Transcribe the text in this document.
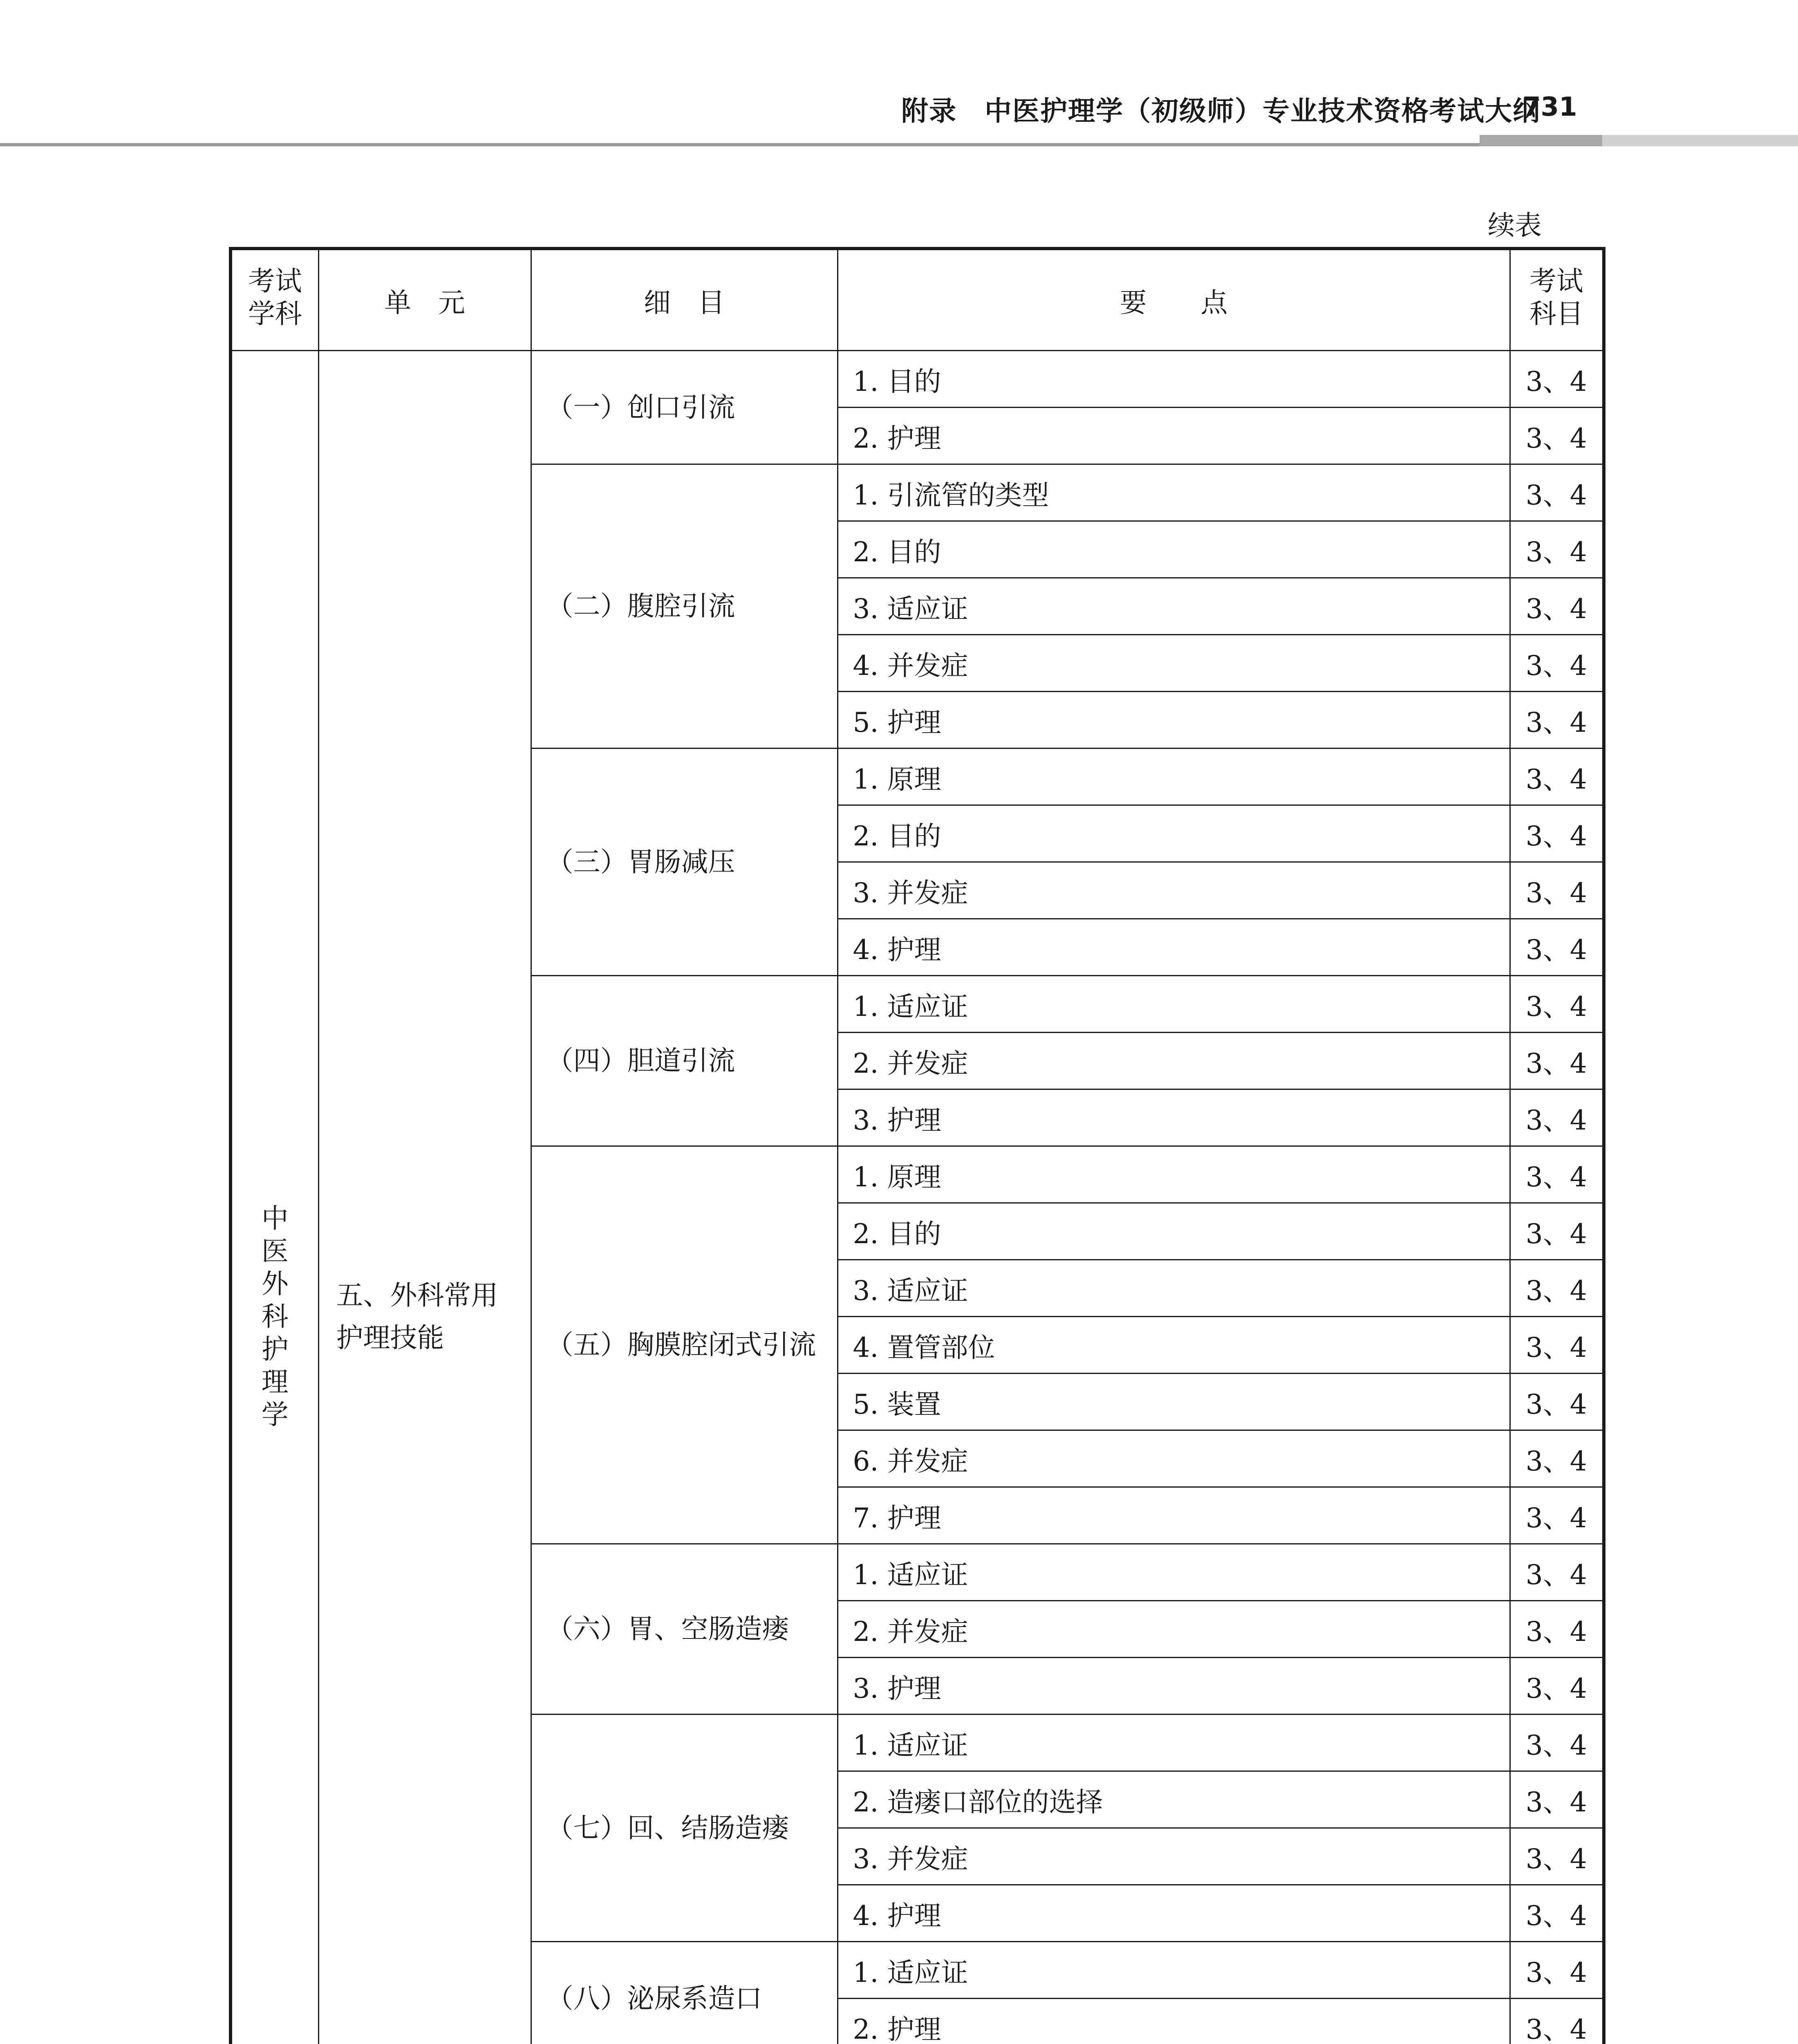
附录　中医护理学（初级师）专业技术资格考试大纲
731
续表
考试学科	单　元	细　目	要　　点	考试科目
中医外科护理学	五、外科常用护理技能	（一）创口引流	1. 目的	3、4
			2. 护理	3、4
		（二）腹腔引流	1. 引流管的类型	3、4
			2. 目的	3、4
			3. 适应证	3、4
			4. 并发症	3、4
			5. 护理	3、4
		（三）胃肠减压	1. 原理	3、4
			2. 目的	3、4
			3. 并发症	3、4
			4. 护理	3、4
		（四）胆道引流	1. 适应证	3、4
			2. 并发症	3、4
			3. 护理	3、4
		（五）胸膜腔闭式引流	1. 原理	3、4
			2. 目的	3、4
			3. 适应证	3、4
			4. 置管部位	3、4
			5. 装置	3、4
			6. 并发症	3、4
			7. 护理	3、4
		（六）胃、空肠造瘘	1. 适应证	3、4
			2. 并发症	3、4
			3. 护理	3、4
		（七）回、结肠造瘘	1. 适应证	3、4
			2. 造瘘口部位的选择	3、4
			3. 并发症	3、4
			4. 护理	3、4
		（八）泌尿系造口	1. 适应证	3、4
			2. 护理	3、4
